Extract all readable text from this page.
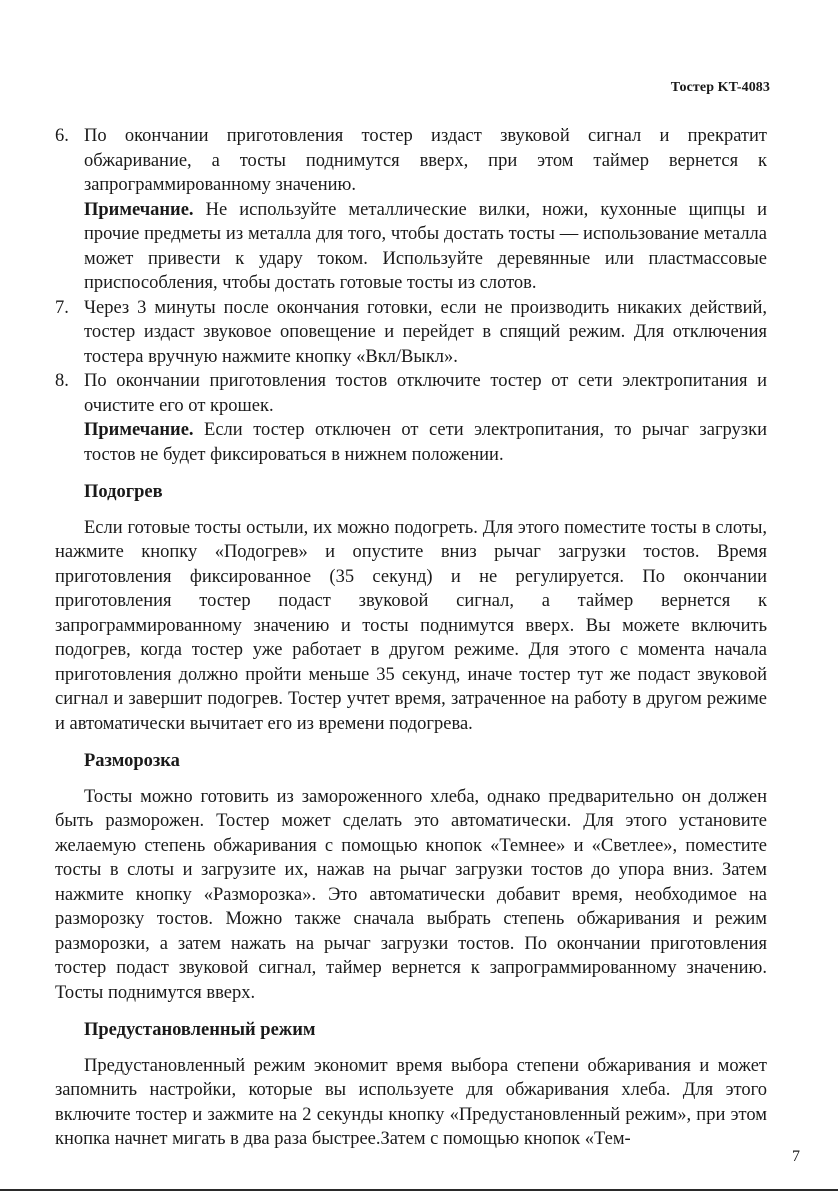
Тостер KT-4083
6. По окончании приготовления тостер издаст звуковой сигнал и прекратит обжаривание, а тосты поднимутся вверх, при этом таймер вернется к запрограммированному значению.

Примечание. Не используйте металлические вилки, ножи, кухонные щипцы и прочие предметы из металла для того, чтобы достать тосты — использование металла может привести к удару током. Используйте деревянные или пластмассовые приспособления, чтобы достать готовые тосты из слотов.

7. Через 3 минуты после окончания готовки, если не производить никаких действий, тостер издаст звуковое оповещение и перейдет в спящий режим. Для отключения тостера вручную нажмите кнопку «Вкл/Выкл».

8. По окончании приготовления тостов отключите тостер от сети электропитания и очистите его от крошек.

Примечание. Если тостер отключен от сети электропитания, то рычаг загрузки тостов не будет фиксироваться в нижнем положении.

Подогрев

Если готовые тосты остыли, их можно подогреть. Для этого поместите тосты в слоты, нажмите кнопку «Подогрев» и опустите вниз рычаг загрузки тостов. Время приготовления фиксированное (35 секунд) и не регулируется. По окончании приготовления тостер подаст звуковой сигнал, а таймер вернется к запрограммированному значению и тосты поднимутся вверх. Вы можете включить подогрев, когда тостер уже работает в другом режиме. Для этого с момента начала приготовления должно пройти меньше 35 секунд, иначе тостер тут же подаст звуковой сигнал и завершит подогрев. Тостер учтет время, затраченное на работу в другом режиме и автоматически вычитает его из времени подогрева.

Разморозка

Тосты можно готовить из замороженного хлеба, однако предварительно он должен быть разморожен. Тостер может сделать это автоматически. Для этого установите желаемую степень обжаривания с помощью кнопок «Темнее» и «Светлее», поместите тосты в слоты и загрузите их, нажав на рычаг загрузки тостов до упора вниз. Затем нажмите кнопку «Разморозка». Это автоматически добавит время, необходимое на разморозку тостов. Можно также сначала выбрать степень обжаривания и режим разморозки, а затем нажать на рычаг загрузки тостов. По окончании приготовления тостер подаст звуковой сигнал, таймер вернется к запрограммированному значению. Тосты поднимутся вверх.

Предустановленный режим

Предустановленный режим экономит время выбора степени обжаривания и может запомнить настройки, которые вы используете для обжаривания хлеба. Для этого включите тостер и зажмите на 2 секунды кнопку «Предустановленный режим», при этом кнопка начнет мигать в два раза быстрее.Затем с помощью кнопок «Тем-

7
